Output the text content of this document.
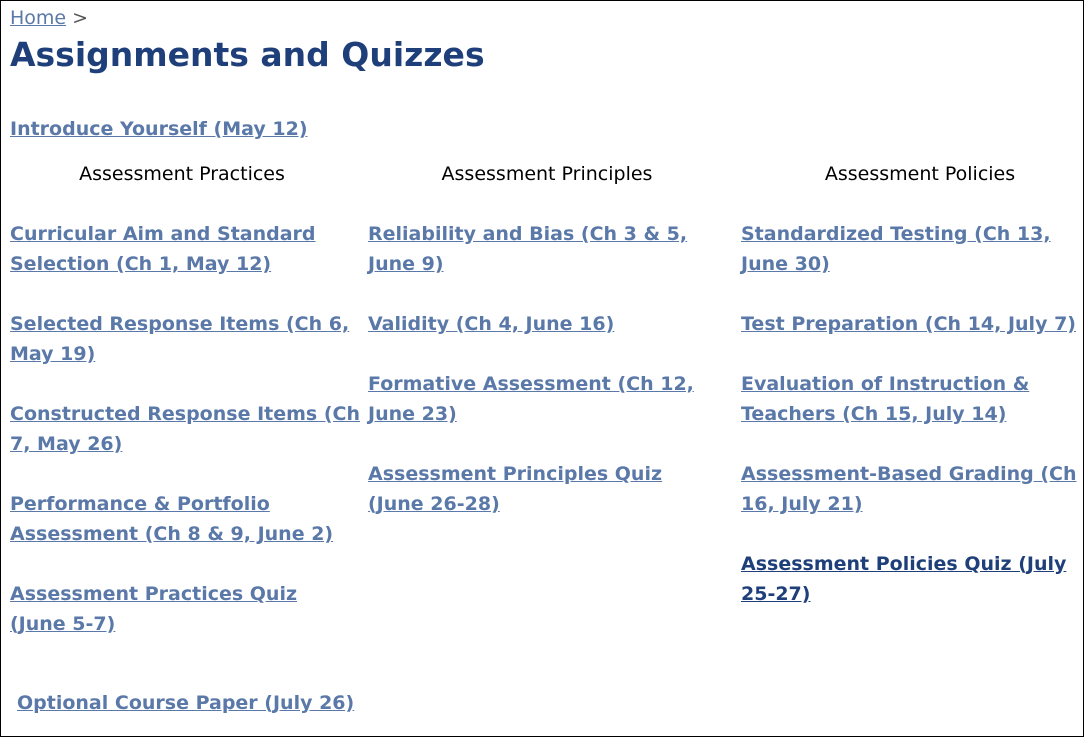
Home >
Assignments and Quizzes
Introduce Yourself (May 12)
Assessment Practices	Assessment Principles	Assessment Policies
Curricular Aim and Standard Selection (Ch 1, May 12)
Selected Response Items (Ch 6, May 19)
Constructed Response Items (Ch 7, May 26)
Performance & Portfolio Assessment (Ch 8 & 9, June 2)
Assessment Practices Quiz (June 5-7)
Reliability and Bias (Ch 3 & 5, June 9)
Validity (Ch 4, June 16)
Formative Assessment (Ch 12, June 23)
Assessment Principles Quiz (June 26-28)
Standardized Testing (Ch 13, June 30)
Test Preparation (Ch 14, July 7)
Evaluation of Instruction & Teachers (Ch 15, July 14)
Assessment-Based Grading (Ch 16, July 21)
Assessment Policies Quiz (July 25-27)
Optional Course Paper (July 26)
